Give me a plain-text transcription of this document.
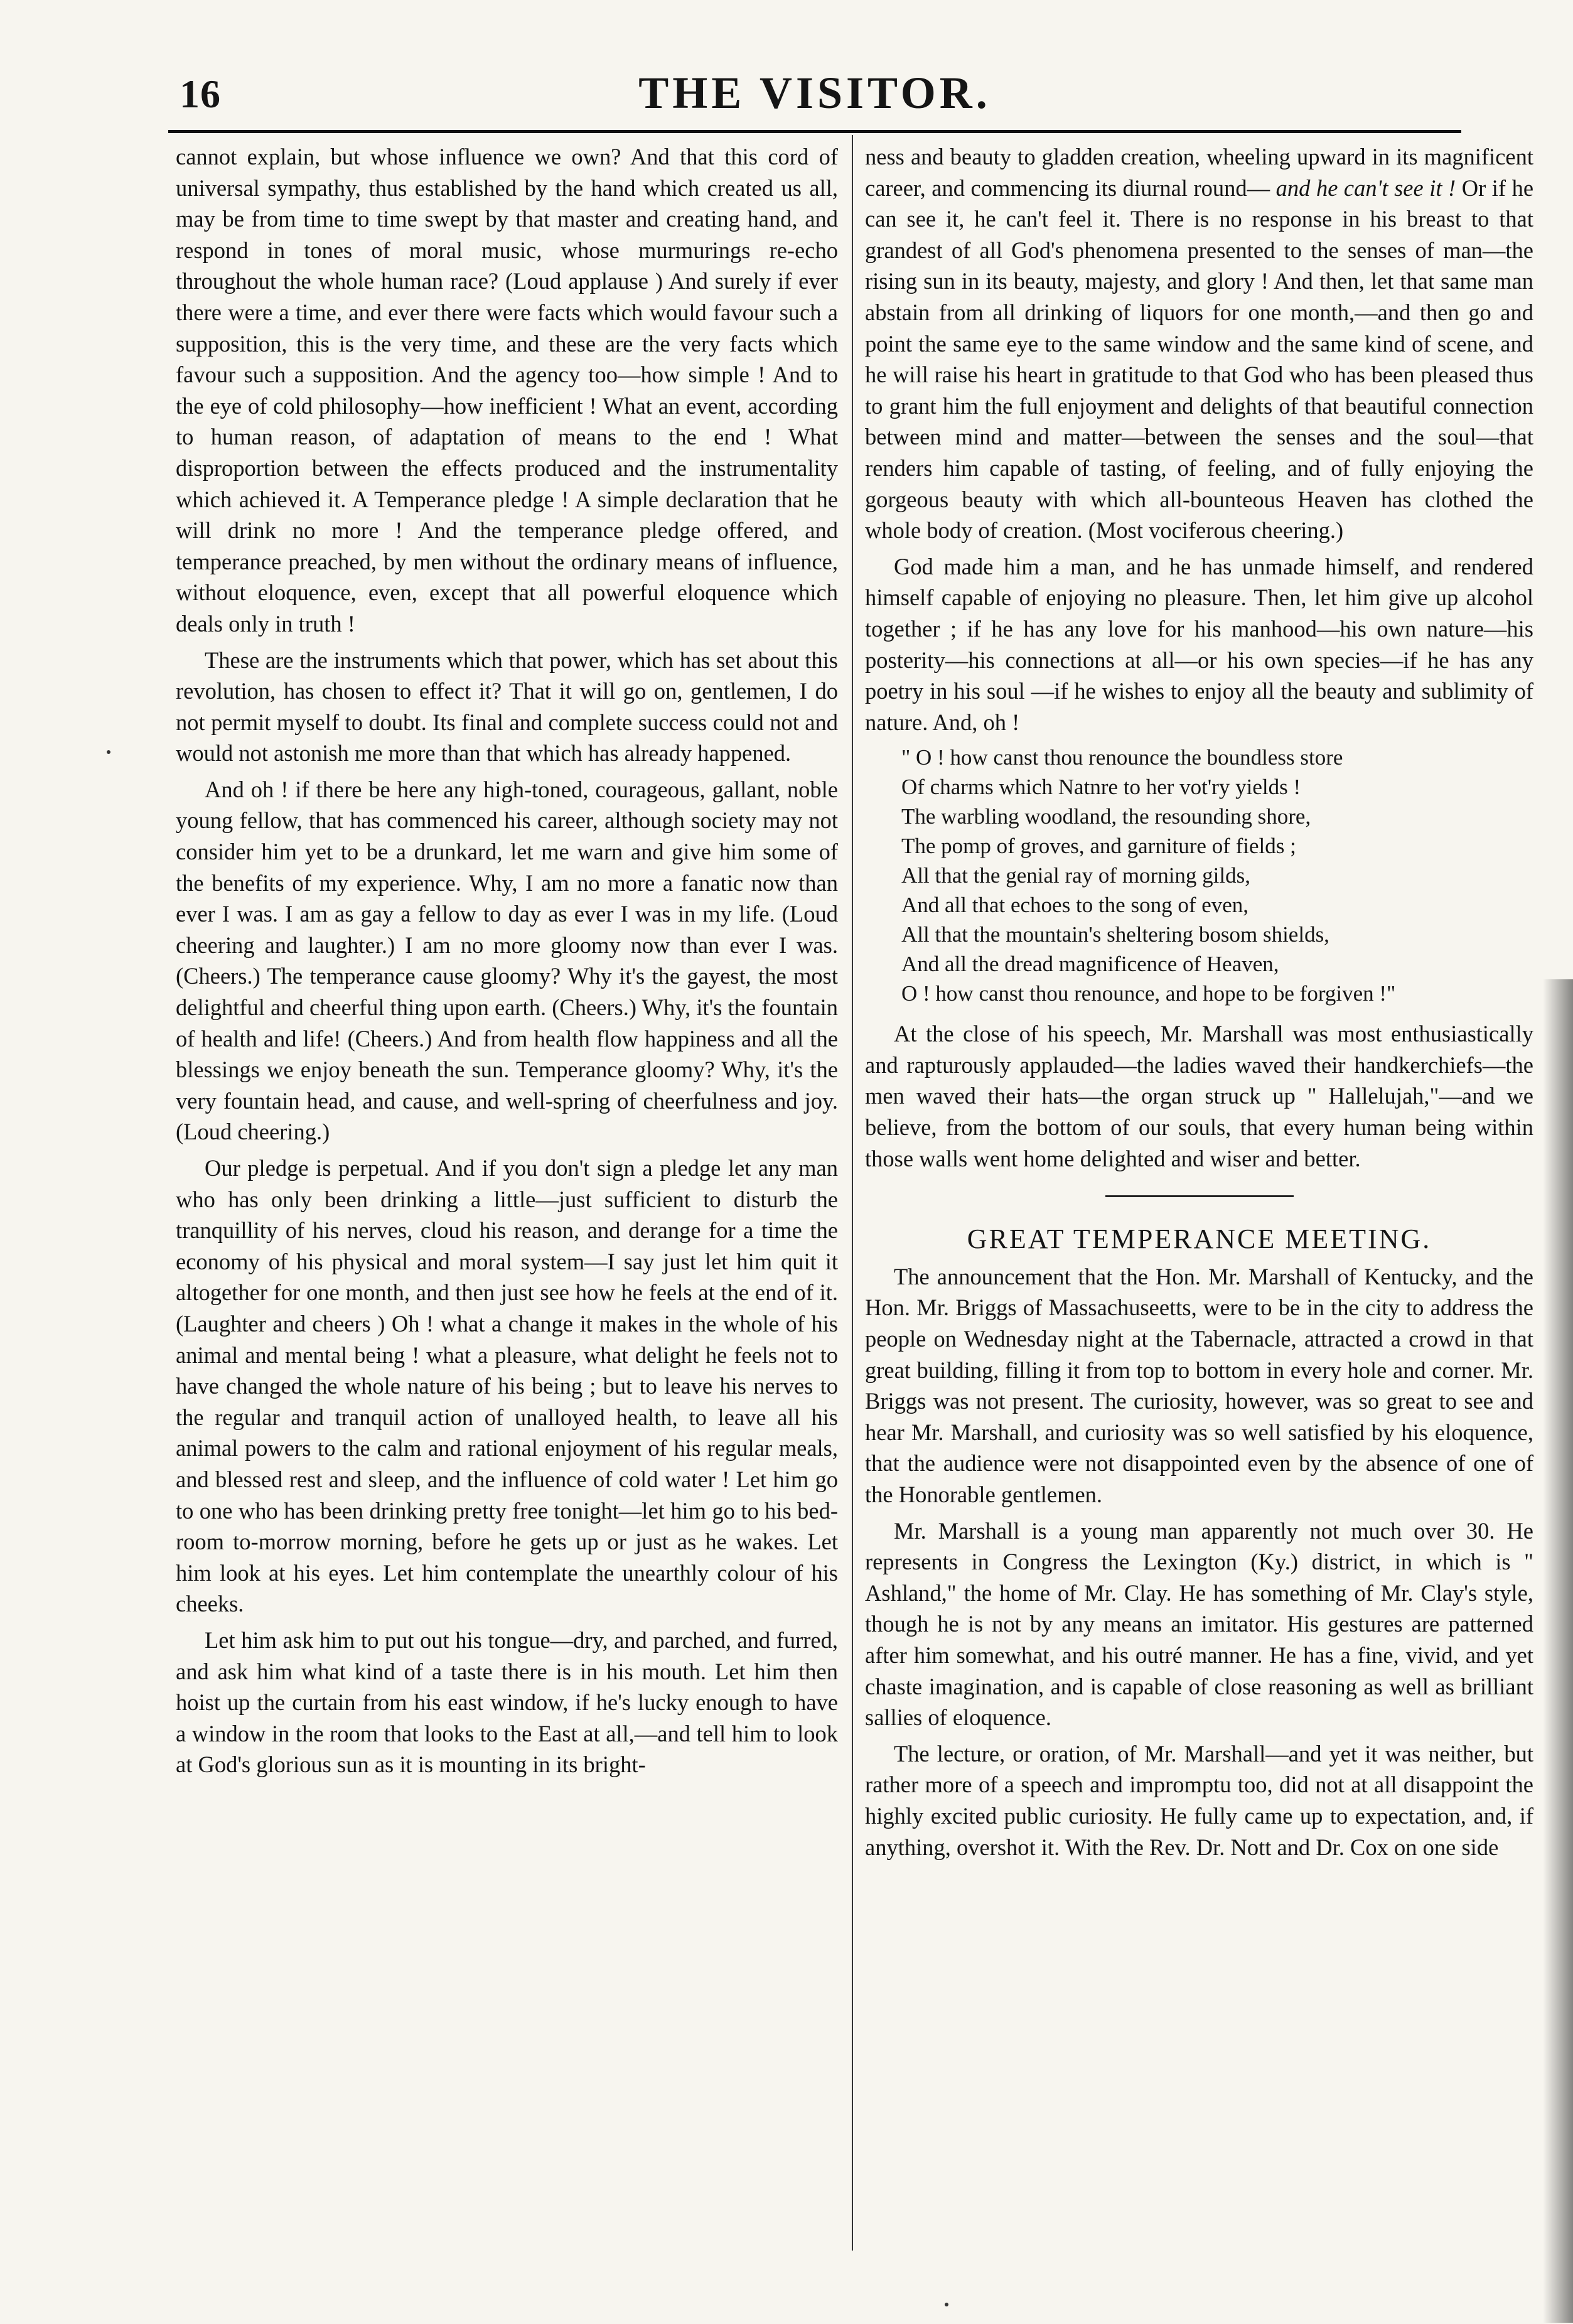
16	THE VISITOR.

cannot explain, but whose influence we own? And that this cord of universal sympathy, thus established by the hand which created us all, may be from time to time swept by that master and creating hand, and respond in tones of moral music, whose murmurings re-echo throughout the whole human race? (Loud applause ) And surely if ever there were a time, and ever there were facts which would favour such a supposition, this is the very time, and these are the very facts which favour such a supposition. And the agency too—how simple ! And to the eye of cold philosophy—how inefficient ! What an event, according to human reason, of adaptation of means to the end ! What disproportion between the effects produced and the instrumentality which achieved it. A Temperance pledge ! A simple declaration that he will drink no more ! And the temperance pledge offered, and temperance preached, by men without the ordinary means of influence, without eloquence, even, except that all powerful eloquence which deals only in truth !

These are the instruments which that power, which has set about this revolution, has chosen to effect it? That it will go on, gentlemen, I do not permit myself to doubt. Its final and complete success could not and would not astonish me more than that which has already happened.

And oh ! if there be here any high-toned, courageous, gallant, noble young fellow, that has commenced his career, although society may not consider him yet to be a drunkard, let me warn and give him some of the benefits of my experience. Why, I am no more a fanatic now than ever I was. I am as gay a fellow to day as ever I was in my life. (Loud cheering and laughter.) I am no more gloomy now than ever I was. (Cheers.) The temperance cause gloomy? Why it's the gayest, the most delightful and cheerful thing upon earth. (Cheers.) Why, it's the fountain of health and life! (Cheers.) And from health flow happiness and all the blessings we enjoy beneath the sun. Temperance gloomy? Why, it's the very fountain head, and cause, and well-spring of cheerfulness and joy. (Loud cheering.)

Our pledge is perpetual. And if you don't sign a pledge let any man who has only been drinking a little—just sufficient to disturb the tranquillity of his nerves, cloud his reason, and derange for a time the economy of his physical and moral system—I say just let him quit it altogether for one month, and then just see how he feels at the end of it. (Laughter and cheers ) Oh ! what a change it makes in the whole of his animal and mental being ! what a pleasure, what delight he feels not to have changed the whole nature of his being ; but to leave his nerves to the regular and tranquil action of unalloyed health, to leave all his animal powers to the calm and rational enjoyment of his regular meals, and blessed rest and sleep, and the influence of cold water ! Let him go to one who has been drinking pretty free tonight—let him go to his bed-room to-morrow morning, before he gets up or just as he wakes. Let him look at his eyes. Let him contemplate the unearthly colour of his cheeks.

Let him ask him to put out his tongue—dry, and parched, and furred, and ask him what kind of a taste there is in his mouth. Let him then hoist up the curtain from his east window, if he's lucky enough to have a window in the room that looks to the East at all,—and tell him to look at God's glorious sun as it is mounting in its bright-

ness and beauty to gladden creation, wheeling upward in its magnificent career, and commencing its diurnal round— and he can't see it ! Or if he can see it, he can't feel it. There is no response in his breast to that grandest of all God's phenomena presented to the senses of man—the rising sun in its beauty, majesty, and glory ! And then, let that same man abstain from all drinking of liquors for one month,—and then go and point the same eye to the same window and the same kind of scene, and he will raise his heart in gratitude to that God who has been pleased thus to grant him the full enjoyment and delights of that beautiful connection between mind and matter—between the senses and the soul—that renders him capable of tasting, of feeling, and of fully enjoying the gorgeous beauty with which all-bounteous Heaven has clothed the whole body of creation. (Most vociferous cheering.)

God made him a man, and he has unmade himself, and rendered himself capable of enjoying no pleasure. Then, let him give up alcohol together ; if he has any love for his manhood—his own nature—his posterity—his connections at all—or his own species—if he has any poetry in his soul —if he wishes to enjoy all the beauty and sublimity of nature. And, oh !

" O ! how canst thou renounce the boundless store
Of charms which Natnre to her vot'ry yields !
The warbling woodland, the resounding shore,
The pomp of groves, and garniture of fields ;
All that the genial ray of morning gilds,
And all that echoes to the song of even,
All that the mountain's sheltering bosom shields,
And all the dread magnificence of Heaven,
O ! how canst thou renounce, and hope to be forgiven !"

At the close of his speech, Mr. Marshall was most enthusiastically and rapturously applauded—the ladies waved their handkerchiefs—the men waved their hats—the organ struck up " Hallelujah,"—and we believe, from the bottom of our souls, that every human being within those walls went home delighted and wiser and better.

GREAT TEMPERANCE MEETING.

The announcement that the Hon. Mr. Marshall of Kentucky, and the Hon. Mr. Briggs of Massachuseetts, were to be in the city to address the people on Wednesday night at the Tabernacle, attracted a crowd in that great building, filling it from top to bottom in every hole and corner. Mr. Briggs was not present. The curiosity, however, was so great to see and hear Mr. Marshall, and curiosity was so well satisfied by his eloquence, that the audience were not disappointed even by the absence of one of the Honorable gentlemen.

Mr. Marshall is a young man apparently not much over 30. He represents in Congress the Lexington (Ky.) district, in which is " Ashland," the home of Mr. Clay. He has something of Mr. Clay's style, though he is not by any means an imitator. His gestures are patterned after him somewhat, and his outré manner. He has a fine, vivid, and yet chaste imagination, and is capable of close reasoning as well as brilliant sallies of eloquence.

The lecture, or oration, of Mr. Marshall—and yet it was neither, but rather more of a speech and impromptu too, did not at all disappoint the highly excited public curiosity. He fully came up to expectation, and, if anything, overshot it. With the Rev. Dr. Nott and Dr. Cox on one side
